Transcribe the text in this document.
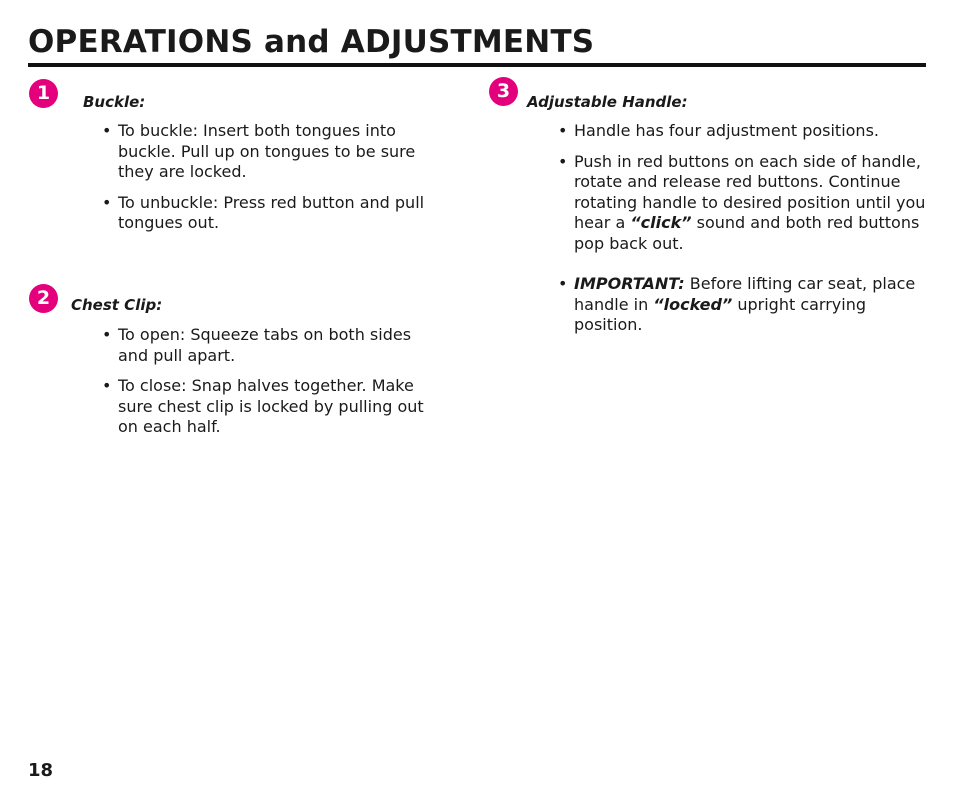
OPERATIONS and ADJUSTMENTS
1	Buckle:
• To buckle: Insert both tongues into buckle. Pull up on tongues to be sure they are locked.
• To unbuckle: Press red button and pull tongues out.
2	Chest Clip:
• To open: Squeeze tabs on both sides and pull apart.
• To close: Snap halves together. Make sure chest clip is locked by pulling out on each half.
3	Adjustable Handle:
• Handle has four adjustment positions.
• Push in red buttons on each side of handle, rotate and release red buttons. Continue rotating handle to desired position until you hear a “click” sound and both red buttons pop back out.
• IMPORTANT: Before lifting car seat, place handle in “locked” upright carrying position.
18
